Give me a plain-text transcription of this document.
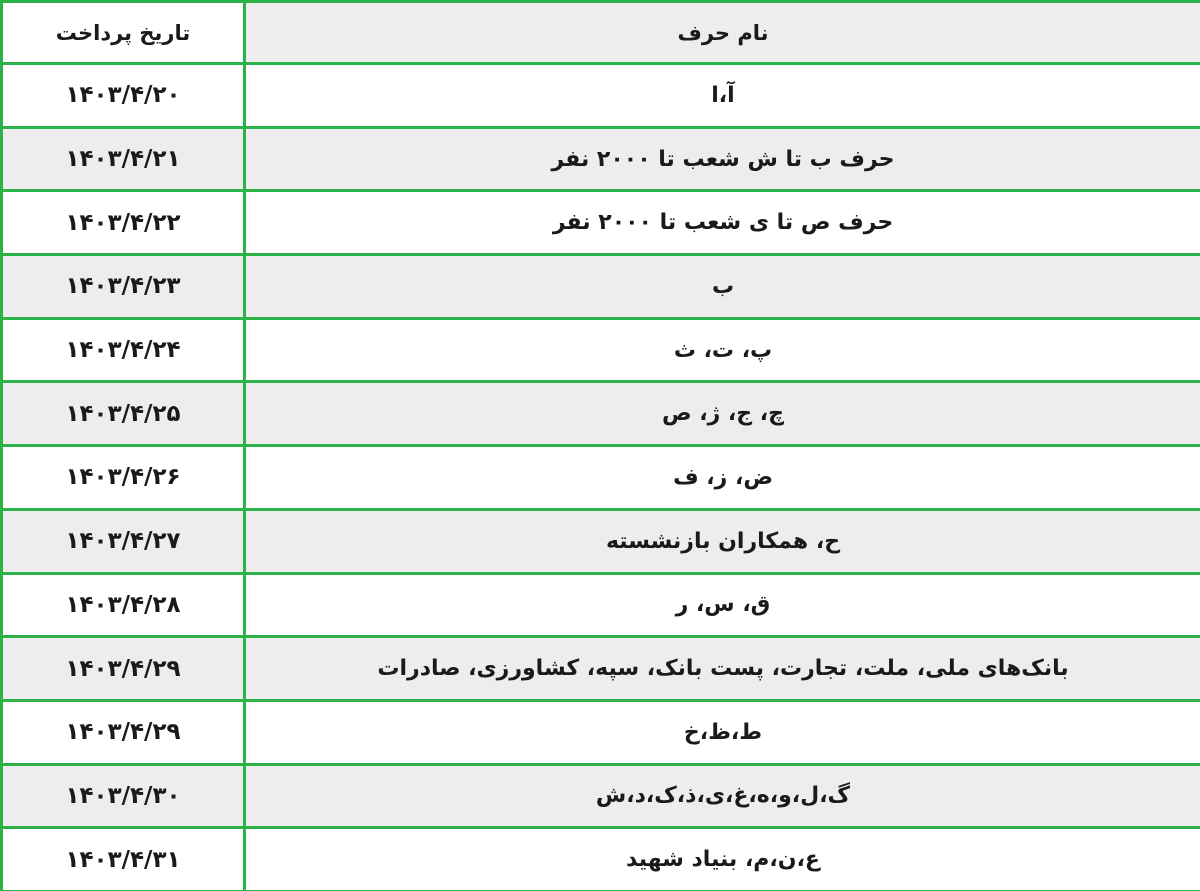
تاریخ پرداخت	نام حرف
۱۴۰۳/۴/۲۰	آ،ا
۱۴۰۳/۴/۲۱	حرف ب تا ش شعب تا ۲۰۰۰ نفر
۱۴۰۳/۴/۲۲	حرف ص تا ی شعب تا ۲۰۰۰ نفر
۱۴۰۳/۴/۲۳	ب
۱۴۰۳/۴/۲۴	پ، ت، ث
۱۴۰۳/۴/۲۵	چ، ج، ژ، ص
۱۴۰۳/۴/۲۶	ض، ز، ف
۱۴۰۳/۴/۲۷	ح، همکاران بازنشسته
۱۴۰۳/۴/۲۸	ق، س، ر
۱۴۰۳/۴/۲۹	بانک‌های ملی، ملت، تجارت، پست بانک، سپه، کشاورزی، صادرات
۱۴۰۳/۴/۲۹	ط،ظ،خ
۱۴۰۳/۴/۳۰	گ،ل،و،ه،غ،ی،ذ،ک،د،ش
۱۴۰۳/۴/۳۱	ع،ن،م، بنیاد شهید
